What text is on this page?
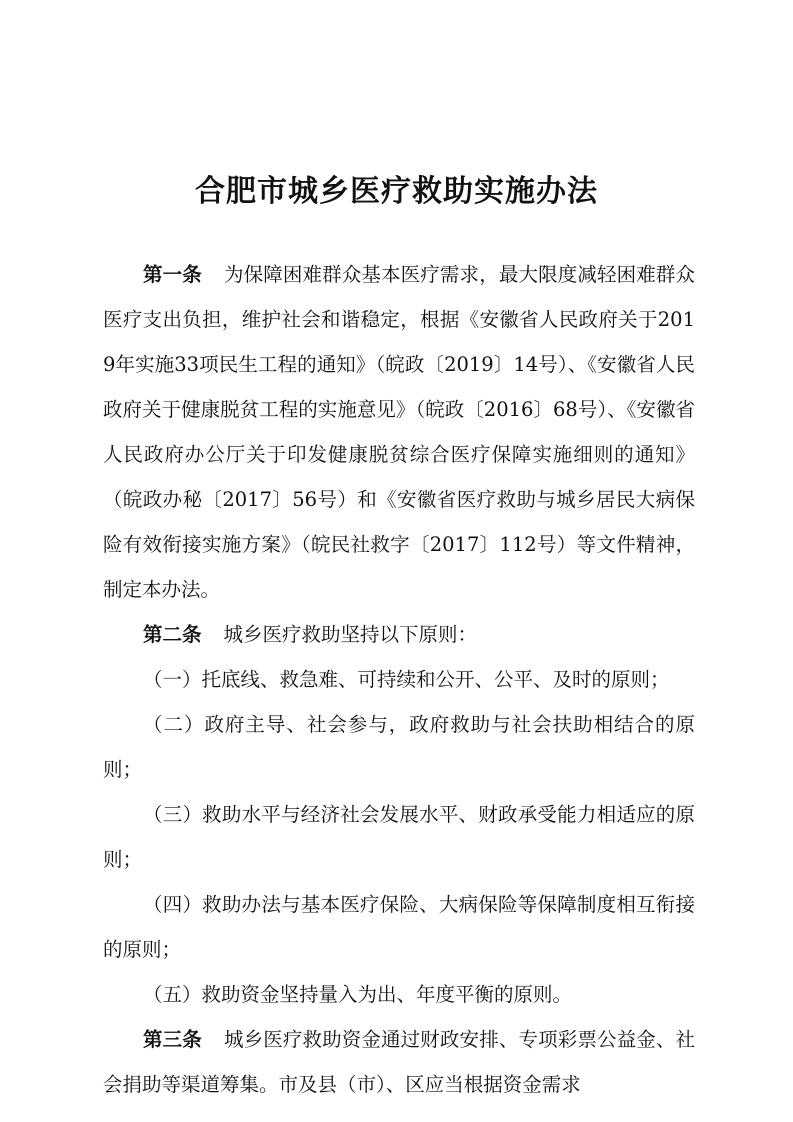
合肥市城乡医疗救助实施办法

第一条 为保障困难群众基本医疗需求，最大限度减轻困难群众医疗支出负担，维护社会和谐稳定，根据《安徽省人民政府关于2019年实施33项民生工程的通知》（皖政〔2019〕14号）、《安徽省人民政府关于健康脱贫工程的实施意见》（皖政〔2016〕68号）、《安徽省人民政府办公厅关于印发健康脱贫综合医疗保障实施细则的通知》（皖政办秘〔2017〕56号）和《安徽省医疗救助与城乡居民大病保险有效衔接实施方案》（皖民社救字〔2017〕112号）等文件精神，制定本办法。

第二条 城乡医疗救助坚持以下原则：

（一）托底线、救急难、可持续和公开、公平、及时的原则；

（二）政府主导、社会参与，政府救助与社会扶助相结合的原则；

（三）救助水平与经济社会发展水平、财政承受能力相适应的原则；

（四）救助办法与基本医疗保险、大病保险等保障制度相互衔接的原则；

（五）救助资金坚持量入为出、年度平衡的原则。

第三条 城乡医疗救助资金通过财政安排、专项彩票公益金、社会捐助等渠道筹集。市及县（市）、区应当根据资金需求
